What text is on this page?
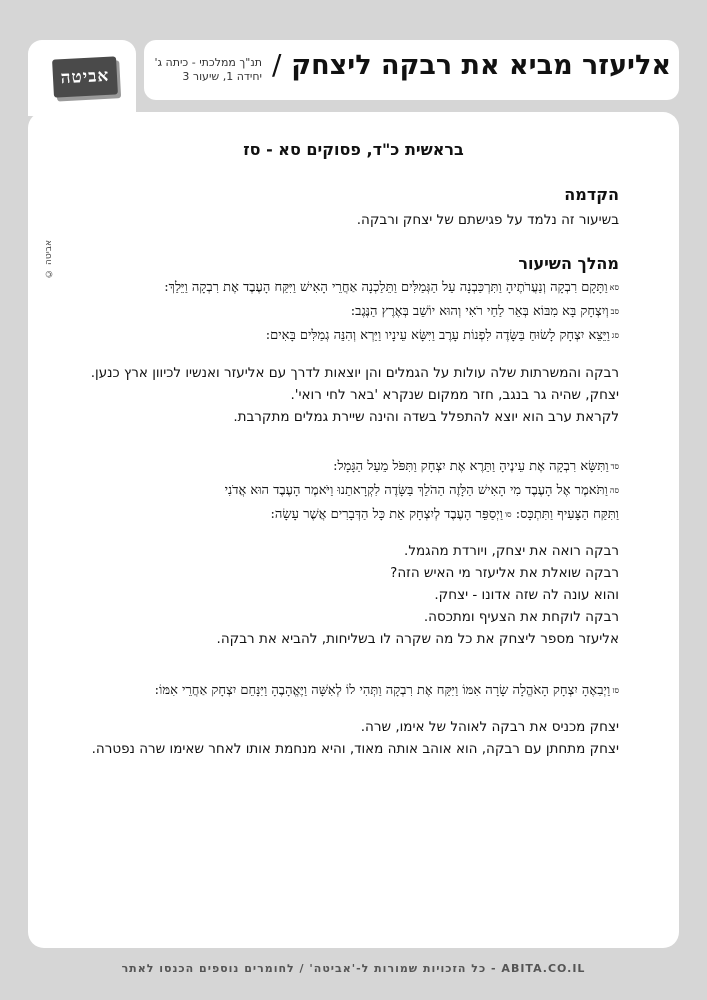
אביטה	אליעזר מביא את רבקה ליצחק
/
תנ"ך ממלכתי - כיתה ג'
יחידה 1, שיעור 3
© אביטה
בראשית כ"ד, פסוקים סא - סז
הקדמה
בשיעור זה נלמד על פגישתם של יצחק ורבקה.
מהלך השיעור
$^{סא}$וַתָּקָם רִבְקָה וְנַעֲרֹתֶיהָ וַתִּרְכַּבְנָה עַל הַגְּמַלִּים וַתֵּלַכְנָה אַחֲרֵי הָאִישׁ וַיִּקַּח הָעֶבֶד אֶת רִבְקָה וַיֵּלַךְ:
$^{סב}$וְיִצְחָק בָּא מִבּוֹא בְּאֵר לַחַי רֹאִי וְהוּא יוֹשֵׁב בְּאֶרֶץ הַנֶּגֶב:
$^{סג}$וַיֵּצֵא יִצְחָק לָשׂוּחַ בַּשָּׂדֶה לִפְנוֹת עָרֶב וַיִּשָּׂא עֵינָיו וַיַּרְא וְהִנֵּה גְמַלִּים בָּאִים:
רבקה והמשרתות שלה עולות על הגמלים והן יוצאות לדרך עם אליעזר ואנשיו לכיוון ארץ כנען.
יצחק, שהיה גר בנגב, חזר ממקום שנקרא 'באר לחי רואי'.
לקראת ערב הוא יוצא להתפלל בשדה והינה שיירת גמלים מתקרבת.
$^{סד}$וַתִּשָּׂא רִבְקָה אֶת עֵינֶיהָ וַתֵּרֶא אֶת יִצְחָק וַתִּפֹּל מֵעַל הַגָּמָל:
$^{סה}$וַתֹּאמֶר אֶל הָעֶבֶד מִי הָאִישׁ הַלָּזֶה הַהֹלֵךְ בַּשָּׂדֶה לִקְרָאתֵנוּ וַיֹּאמֶר הָעֶבֶד הוּא אֲדֹנִי
וַתִּקַּח הַצָּעִיף וַתִּתְכָּס: $^{סו}$וַיְסַפֵּר הָעֶבֶד לְיִצְחָק אֵת כָּל הַדְּבָרִים אֲשֶׁר עָשָׂה:
רבקה רואה את יצחק, ויורדת מהגמל.
רבקה שואלת את אליעזר מי האיש הזה?
והוא עונה לה שזה אדונו - יצחק.
רבקה לוקחת את הצעיף ומתכסה.
אליעזר מספר ליצחק את כל מה שקרה לו בשליחות, להביא את רבקה.
$^{סז}$וַיְבִאֶהָ יִצְחָק הָאֹהֱלָה שָׂרָה אִמּוֹ וַיִּקַּח אֶת רִבְקָה וַתְּהִי לוֹ לְאִשָּׁה וַיֶּאֱהָבֶהָ וַיִּנָּחֵם יִצְחָק אַחֲרֵי אִמּוֹ:
יצחק מכניס את רבקה לאוהל של אימו, שרה.
יצחק מתחתן עם רבקה, הוא אוהב אותה מאוד, והיא מנחמת אותו לאחר שאימו שרה נפטרה.
כל הזכויות שמורות ל-'אביטה' / לחומרים נוספים הכנסו לאתר - ABITA.CO.IL
